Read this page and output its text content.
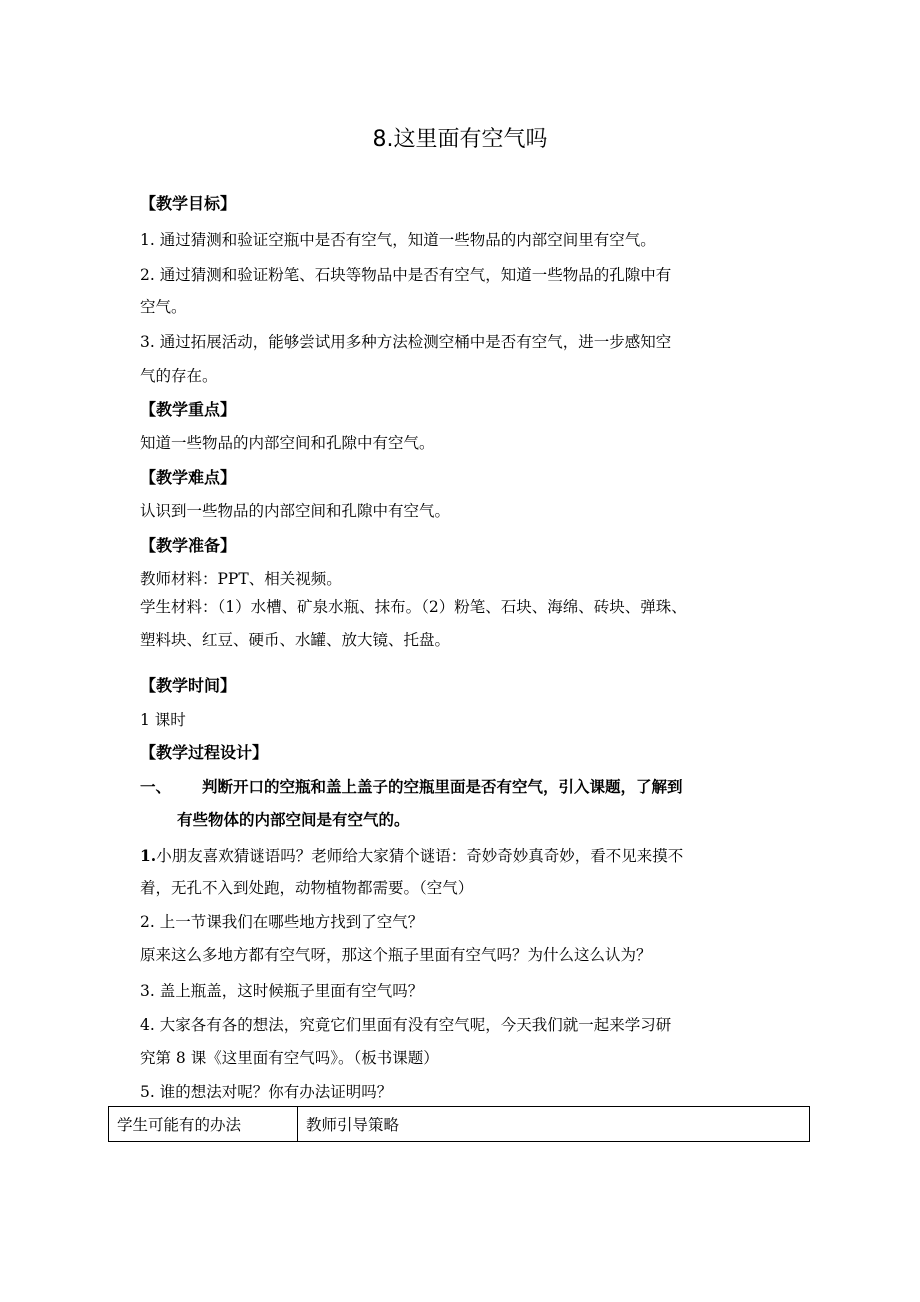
8.这里面有空气吗
【教学目标】
1. 通过猜测和验证空瓶中是否有空气，知道一些物品的内部空间里有空气。
2. 通过猜测和验证粉笔、石块等物品中是否有空气，知道一些物品的孔隙中有
空气。
3. 通过拓展活动，能够尝试用多种方法检测空桶中是否有空气，进一步感知空
气的存在。
【教学重点】
知道一些物品的内部空间和孔隙中有空气。
【教学难点】
认识到一些物品的内部空间和孔隙中有空气。
【教学准备】
教师材料：PPT、相关视频。
学生材料：（1）水槽、矿泉水瓶、抹布。（2）粉笔、石块、海绵、砖块、弹珠、
塑料块、红豆、硬币、水罐、放大镜、托盘。
【教学时间】
1 课时
【教学过程设计】
一、 判断开口的空瓶和盖上盖子的空瓶里面是否有空气，引入课题，了解到
有些物体的内部空间是有空气的。
1.小朋友喜欢猜谜语吗？老师给大家猜个谜语：奇妙奇妙真奇妙，看不见来摸不
着，无孔不入到处跑，动物植物都需要。（空气）
2. 上一节课我们在哪些地方找到了空气？
原来这么多地方都有空气呀，那这个瓶子里面有空气吗？为什么这么认为？
3. 盖上瓶盖，这时候瓶子里面有空气吗？
4. 大家各有各的想法，究竟它们里面有没有空气呢，今天我们就一起来学习研
究第 8 课《这里面有空气吗》。（板书课题）
5. 谁的想法对呢？你有办法证明吗？
学生可能有的办法	教师引导策略
